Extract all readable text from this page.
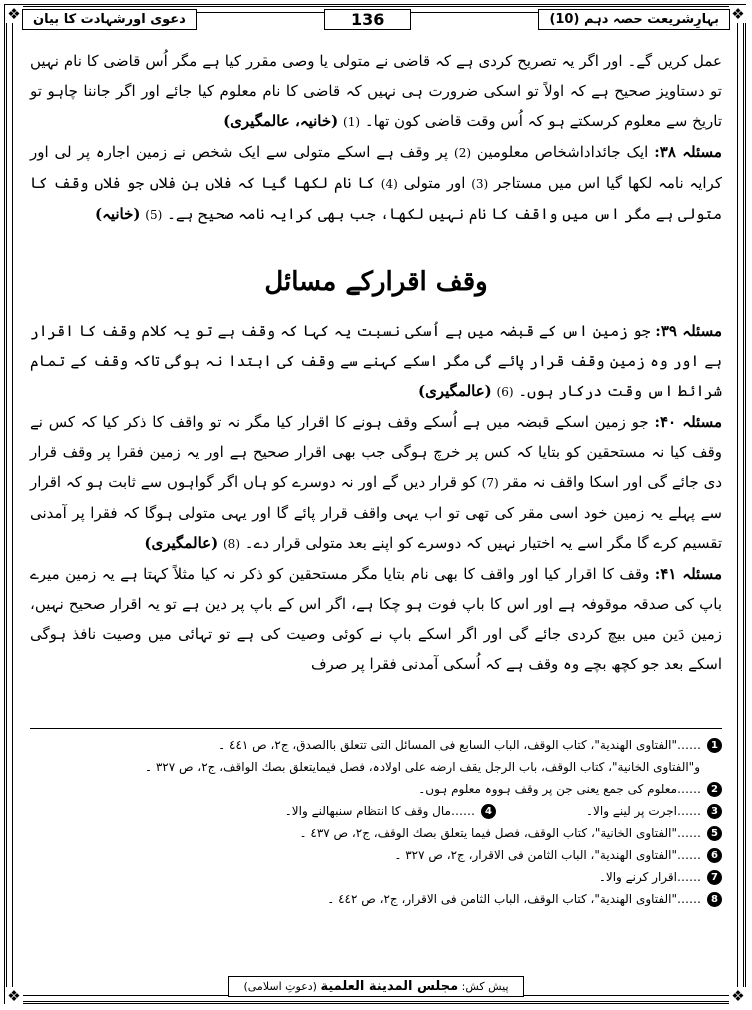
❖	❖
❖	❖
بہارِشریعت حصہ دہم (10)
136
دعوی اورشہادت کا بیان

عمل کریں گے۔ اور اگر یہ تصریح کردی ہے کہ قاضی نے متولی یا وصی مقرر کیا ہے مگر اُس قاضی کا نام نہیں تو دستاویز صحیح ہے کہ اولاً تو اسکی ضرورت ہی نہیں کہ قاضی کا نام معلوم کیا جائے اور اگر جاننا چاہو تو تاریخ سے معلوم کرسکتے ہو کہ اُس وقت قاضی کون تھا۔ (1) (خانیہ، عالمگیری)

مسئلہ ۳۸: ایک جائداداشخاص معلومین (2) پر وقف ہے اسکے متولی سے ایک شخص نے زمین اجارہ پر لی اور کرایہ نامہ لکھا گیا اس میں مستاجر (3) اور متولی (4) کا نام لکھا گیا کہ فلاں بن فلاں جو فلاں وقف کا متولی ہے مگر اس میں واقف کا نام نہیں لکھا، جب بھی کرایہ نامہ صحیح ہے۔ (5) (خانیہ)

وقف اقرارکے مسائل

مسئلہ ۳۹: جو زمین اس کے قبضہ میں ہے اُسکی نسبت یہ کہا کہ وقف ہے تو یہ کلام وقف کا اقرار ہے اور وہ زمین وقف قرار پائے گی مگر اسکے کہنے سے وقف کی ابتدا نہ ہوگی تاکہ وقف کے تمام شرائط اس وقت درکار ہوں۔ (6) (عالمگیری)

مسئلہ ۴۰: جو زمین اسکے قبضہ میں ہے اُسکے وقف ہونے کا اقرار کیا مگر نہ تو واقف کا ذکر کیا کہ کس نے وقف کیا نہ مستحقین کو بتایا کہ کس پر خرچ ہوگی جب بھی اقرار صحیح ہے اور یہ زمین فقرا پر وقف قرار دی جائے گی اور اسکا واقف نہ مقر (7) کو قرار دیں گے اور نہ دوسرے کو ہاں اگر گواہوں سے ثابت ہو کہ اقرار سے پہلے یہ زمین خود اسی مقر کی تھی تو اب یہی واقف قرار پائے گا اور یہی متولی ہوگا کہ فقرا پر آمدنی تقسیم کرے گا مگر اسے یہ اختیار نہیں کہ دوسرے کو اپنے بعد متولی قرار دے۔ (8) (عالمگیری)

مسئلہ ۴۱: وقف کا اقرار کیا اور واقف کا بھی نام بتایا مگر مستحقین کو ذکر نہ کیا مثلاً کہتا ہے یہ زمین میرے باپ کی صدقہ موقوفہ ہے اور اس کا باپ فوت ہو چکا ہے، اگر اس کے باپ پر دین ہے تو یہ اقرار صحیح نہیں، زمین دَین میں بیچ کردی جائے گی اور اگر اسکے باپ نے کوئی وصیت کی ہے تو تہائی میں وصیت نافذ ہوگی اسکے بعد جو کچھ بچے وہ وقف ہے کہ اُسکی آمدنی فقرا پر صرف

1
……"الفتاوی الھندیة"، کتاب الوقف، الباب السابع فی المسائل التی تتعلق باالصدق، ج۲، ص ٤٤١ ۔
و"الفتاوی الخانیة"، کتاب الوقف، باب الرجل یقف ارضه علی اولادہ، فصل فیمایتعلق بصك الواقف، ج۲، ص ٣٢٧ ۔
2
……معلوم کی جمع یعنی جن پر وقف ہووہ معلوم ہوں۔
3
……اجرت پر لینے والا۔
4
……مال وقف کا انتظام سنبھالنے والا۔
5
……"الفتاوی الخانیة"، کتاب الوقف، فصل فیما یتعلق بصك الوقف، ج۲، ص ٤٣٧ ۔
6
……"الفتاوی الھندیة"، الباب الثامن فی الاقرار، ج۲، ص ٣٢٧ ۔
7
……اقرار کرنے والا۔
8
……"الفتاوی الھندیة"، کتاب الوقف، الباب الثامن فی الاقرار، ج۲، ص ٤٤٢ ۔
پیش کش: مجلس المدینة العلمیة (دعوتِ اسلامی)
